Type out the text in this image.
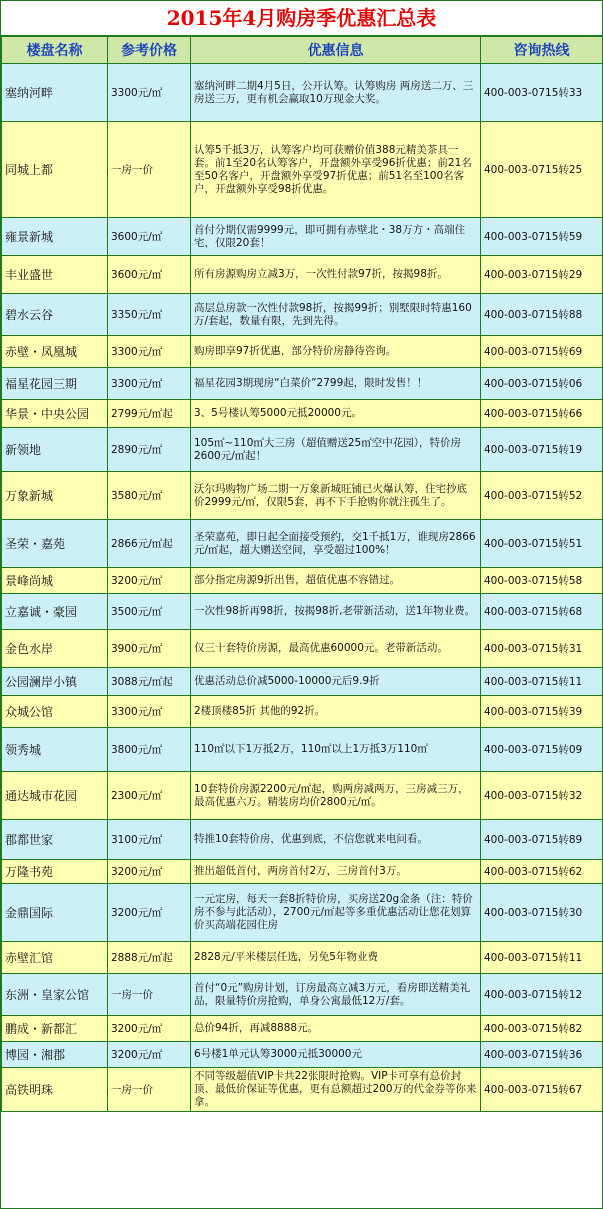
2015年4月购房季优惠汇总表
楼盘名称	参考价格	优惠信息	咨询热线
塞纳河畔	3300元/㎡	塞纳河畔二期4月5日，公开认筹。认筹购房 两房送二万、三房送三万，更有机会赢取10万现金大奖。	400-003-0715转33
同城上都	一房一价	认筹5千抵3万，认筹客户均可获赠价值388元精美茶具一套。前1至20名认筹客户，开盘额外享受96折优惠；前21名至50名客户，开盘额外享受97折优惠；前51名至100名客户，开盘额外享受98折优惠。	400-003-0715转25
雍景新城	3600元/㎡	首付分期仅需9999元，即可拥有赤壁北・38万方・高端住宅，仅限20套！	400-003-0715转59
丰业盛世	3600元/㎡	所有房源购房立减3万，一次性付款97折，按揭98折。	400-003-0715转29
碧水云谷	3350元/㎡	高层总房款一次性付款98折，按揭99折；别墅限时特惠160万/套起，数量有限，先到先得。	400-003-0715转88
赤壁・凤凰城	3300元/㎡	购房即享97折优惠，部分特价房静待咨询。	400-003-0715转69
福星花园三期	3300元/㎡	福星花园3期现房“白菜价”2799起，限时发售！！	400-003-0715转06
华景・中央公园	2799元/㎡起	3、5号楼认筹5000元抵20000元。	400-003-0715转66
新领地	2890元/㎡	105㎡~110㎡大三房（超值赠送25㎡空中花园），特价房2600元/㎡起！	400-003-0715转19
万象新城	3580元/㎡	沃尔玛购物广场二期一万象新城旺铺已火爆认筹，住宅抄底价2999元/㎡，仅限5套，再不下手抢购你就注孤生了。	400-003-0715转52
圣荣・嘉苑	2866元/㎡起	圣荣嘉苑，即日起全面接受预约，交1千抵1万，谁现房2866元/㎡起，超大赠送空间，享受超过100%！	400-003-0715转51
景峰尚城	3200元/㎡	部分指定房源9折出售，超值优惠不容错过。	400-003-0715转58
立嘉诚・豪园	3500元/㎡	一次性98折再98折，按揭98折,老带新活动，送1年物业费。	400-003-0715转68
金色水岸	3900元/㎡	仅三十套特价房源，最高优惠60000元。老带新活动。	400-003-0715转31
公园澜岸小镇	3088元/㎡起	优惠活动总价减5000-10000元后9.9折	400-003-0715转11
众城公馆	3300元/㎡	2楼顶楼85折 其他的92折。	400-003-0715转39
领秀城	3800元/㎡	110㎡以下1万抵2万，110㎡以上1万抵3万110㎡	400-003-0715转09
通达城市花园	2300元/㎡	10套特价房源2200元/㎡起，购两房减两万，三房减三万，最高优惠六万。精装房均价2800元/㎡。	400-003-0715转32
郡都世家	3100元/㎡	特推10套特价房，优惠到底，不信您就来电问看。	400-003-0715转89
万隆书苑	3200元/㎡	推出超低首付，两房首付2万，三房首付3万。	400-003-0715转62
金鼎国际	3200元/㎡	一元定房，每天一套8折特价房，买房送20g金条（注：特价房不参与此活动），2700元/㎡起等多重优惠活动让您花划算价买高端花园住房	400-003-0715转30
赤壁汇馆	2888元/㎡起	2828元/平米楼层任选，另免5年物业费	400-003-0715转11
东洲・皇家公馆	一房一价	首付“0元”购房计划，订房最高立减3万元，看房即送精美礼品，限量特价房抢购，单身公寓最低12万/套。	400-003-0715转12
鹏成・新都汇	3200元/㎡	总价94折，再减8888元。	400-003-0715转82
博园・湘郡	3200元/㎡	6号楼1单元认筹3000元抵30000元	400-003-0715转36
高铁明珠	一房一价	不同等级超值VIP卡共22张限时抢购。VIP卡可享有总价封顶、最低价保证等优惠，更有总额超过200万的代金券等你来拿。	400-003-0715转67
